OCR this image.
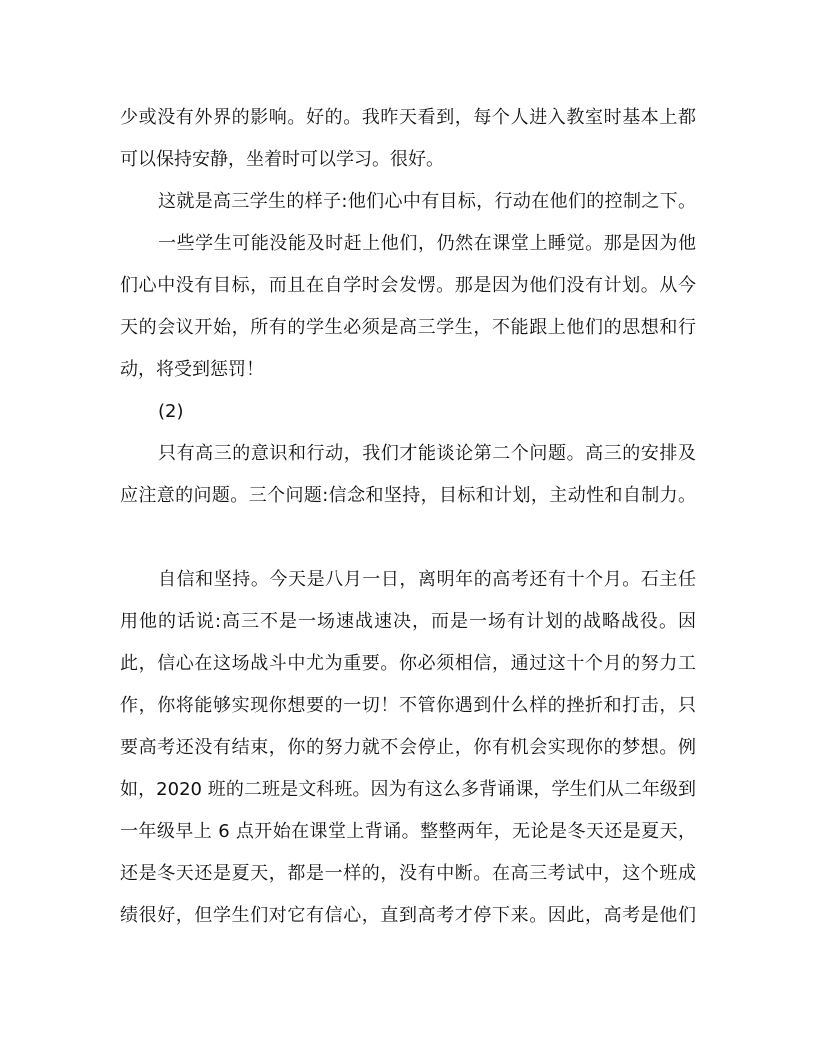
少或没有外界的影响。好的。我昨天看到，每个人进入教室时基本上都
可以保持安静，坐着时可以学习。很好。
这就是高三学生的样子:他们心中有目标，行动在他们的控制之下。
一些学生可能没能及时赶上他们，仍然在课堂上睡觉。那是因为他
们心中没有目标，而且在自学时会发愣。那是因为他们没有计划。从今
天的会议开始，所有的学生必须是高三学生，不能跟上他们的思想和行
动，将受到惩罚！
(2)
只有高三的意识和行动，我们才能谈论第二个问题。高三的安排及
应注意的问题。三个问题:信念和坚持，目标和计划，主动性和自制力。
自信和坚持。今天是八月一日，离明年的高考还有十个月。石主任
用他的话说:高三不是一场速战速决，而是一场有计划的战略战役。因
此，信心在这场战斗中尤为重要。你必须相信，通过这十个月的努力工
作，你将能够实现你想要的一切！不管你遇到什么样的挫折和打击，只
要高考还没有结束，你的努力就不会停止，你有机会实现你的梦想。例
如，2020 班的二班是文科班。因为有这么多背诵课，学生们从二年级到
一年级早上 6 点开始在课堂上背诵。整整两年，无论是冬天还是夏天，
还是冬天还是夏天，都是一样的，没有中断。在高三考试中，这个班成
绩很好，但学生们对它有信心，直到高考才停下来。因此，高考是他们
